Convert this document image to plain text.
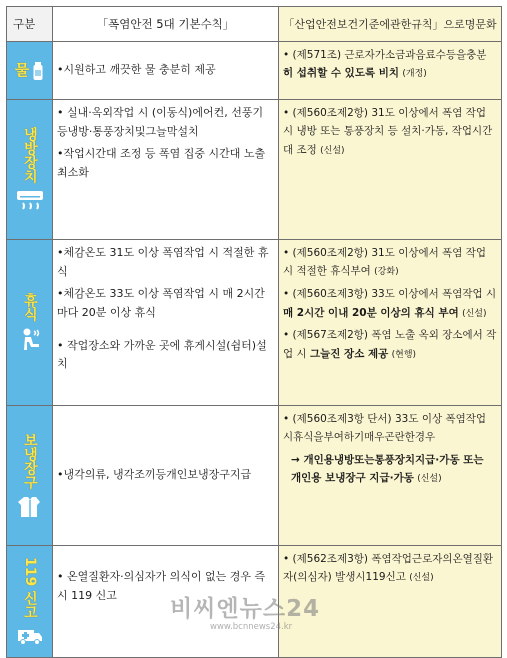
구분	「폭염안전 5대 기본수칙」	「산업안전보건기준에관한규칙」으로명문화

물	•시원하고 깨끗한 물 충분히 제공	• (제571조) 근로자가소금과음료수등을충분
히 섭취할 수 있도록 비치 (개정)

냉방장치	• 실내·옥외작업 시 (이동식)에어컨, 선풍기등냉방·통풍장치및그늘막설치
•작업시간대 조정 등 폭염 집중 시간대 노출 최소화	• (제560조제2항) 31도 이상에서 폭염 작업 시 냉방 또는 통풍장치 등 설치·가동, 작업시간대 조정 (신설)

휴식	•체감온도 31도 이상 폭염작업 시 적절한 휴식
•체감온도 33도 이상 폭염작업 시 매 2시간마다 20분 이상 휴식
• 작업장소와 가까운 곳에 휴게시설(쉼터)설치	• (제560조제2항) 31도 이상에서 폭염 작업 시 적절한 휴식부여 (강화)
• (제560조제3항) 33도 이상에서 폭염작업 시 매 2시간 이내 20분 이상의 휴식 부여 (신설)
• (제567조제2항) 폭염 노출 옥외 장소에서 작업 시 그늘진 장소 제공 (현행)

보냉장구	•냉각의류, 냉각조끼등개인보냉장구지급	• (제560조제3항 단서) 33도 이상 폭염작업 시휴식을부여하기매우곤란한경우
→ 개인용냉방또는통풍장치지급·가동 또는 개인용 보냉장구 지급·가동 (신설)

119 신고	• 온열질환자·의심자가 의식이 없는 경우 즉시 119 신고	• (제562조제3항) 폭염작업근로자의온열질환자(의심자) 발생시119신고 (신설)
비씨엔뉴스24
www.bcnnews24.kr
